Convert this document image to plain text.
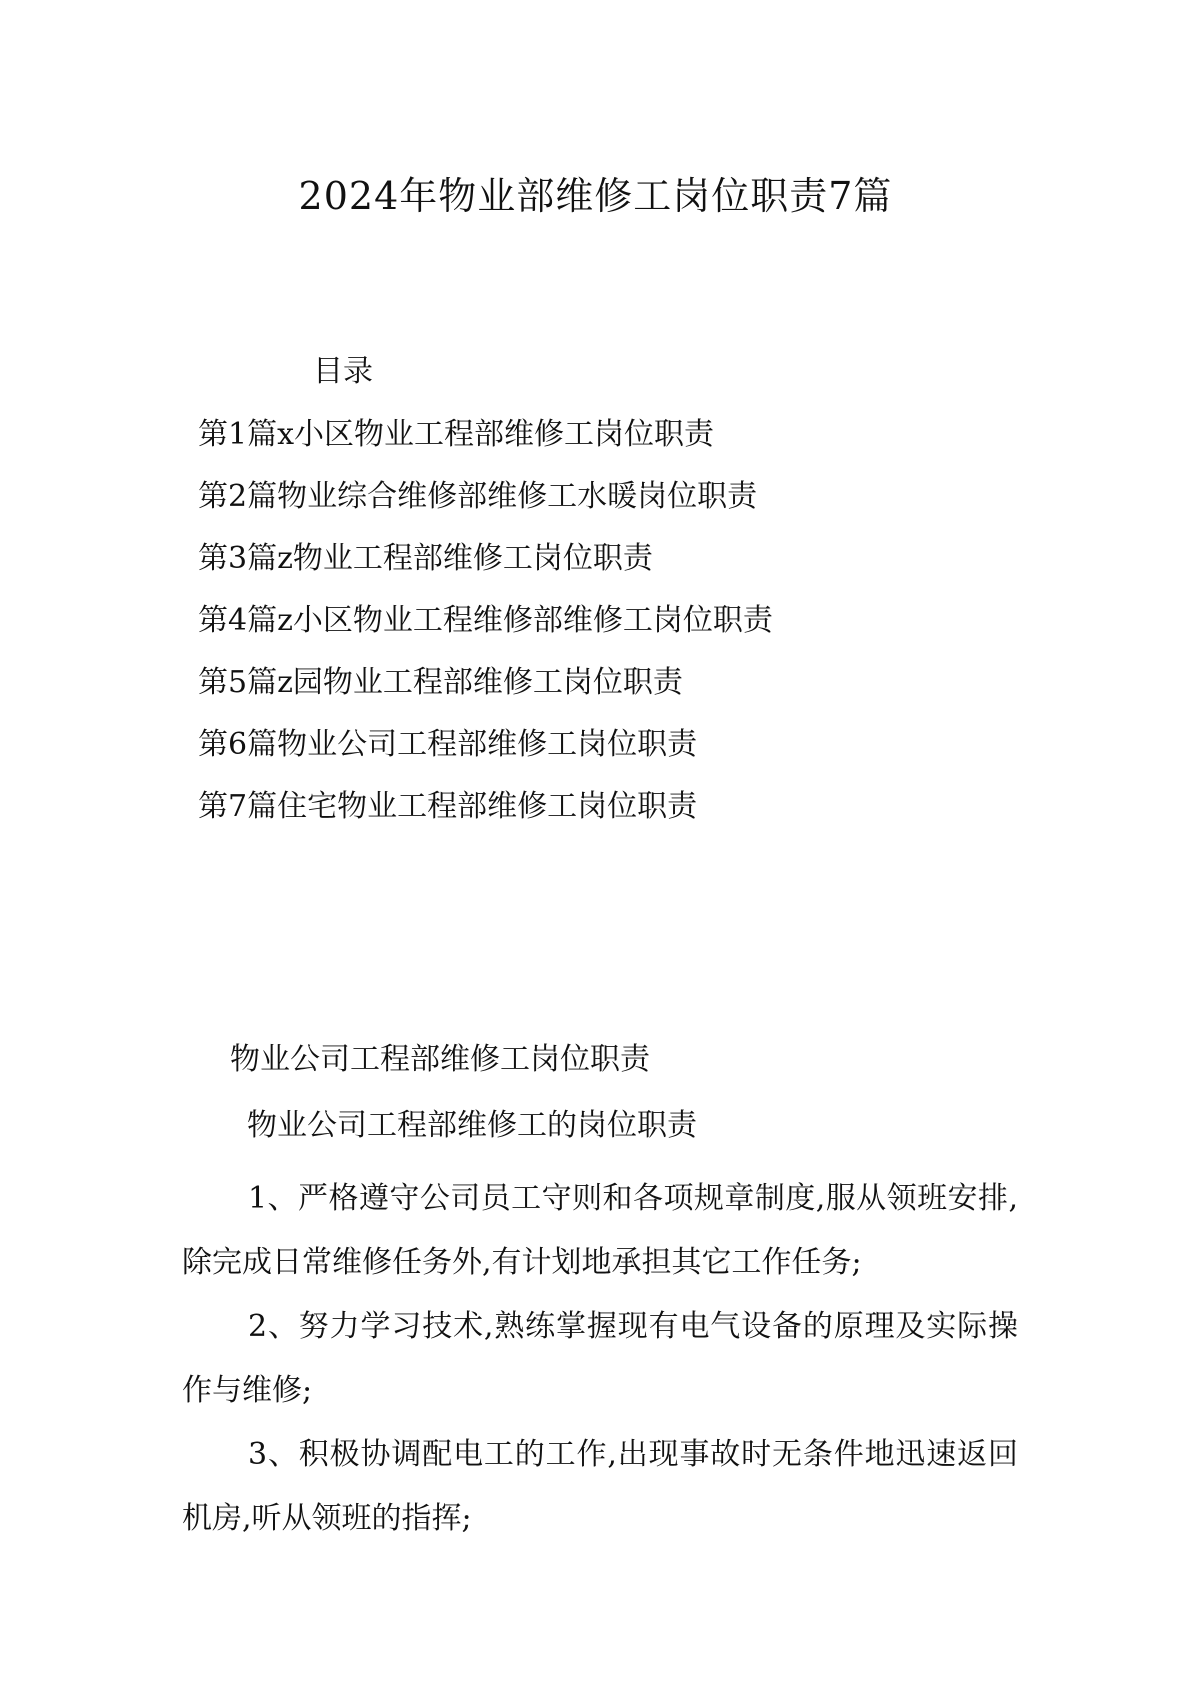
2024年物业部维修工岗位职责7篇
目录
第1篇x小区物业工程部维修工岗位职责
第2篇物业综合维修部维修工水暖岗位职责
第3篇z物业工程部维修工岗位职责
第4篇z小区物业工程维修部维修工岗位职责
第5篇z园物业工程部维修工岗位职责
第6篇物业公司工程部维修工岗位职责
第7篇住宅物业工程部维修工岗位职责
物业公司工程部维修工岗位职责
物业公司工程部维修工的岗位职责

1、严格遵守公司员工守则和各项规章制度,服从领班安排,除完成日常维修任务外,有计划地承担其它工作任务;

2、努力学习技术,熟练掌握现有电气设备的原理及实际操作与维修;

3、积极协调配电工的工作,出现事故时无条件地迅速返回机房,听从领班的指挥;
